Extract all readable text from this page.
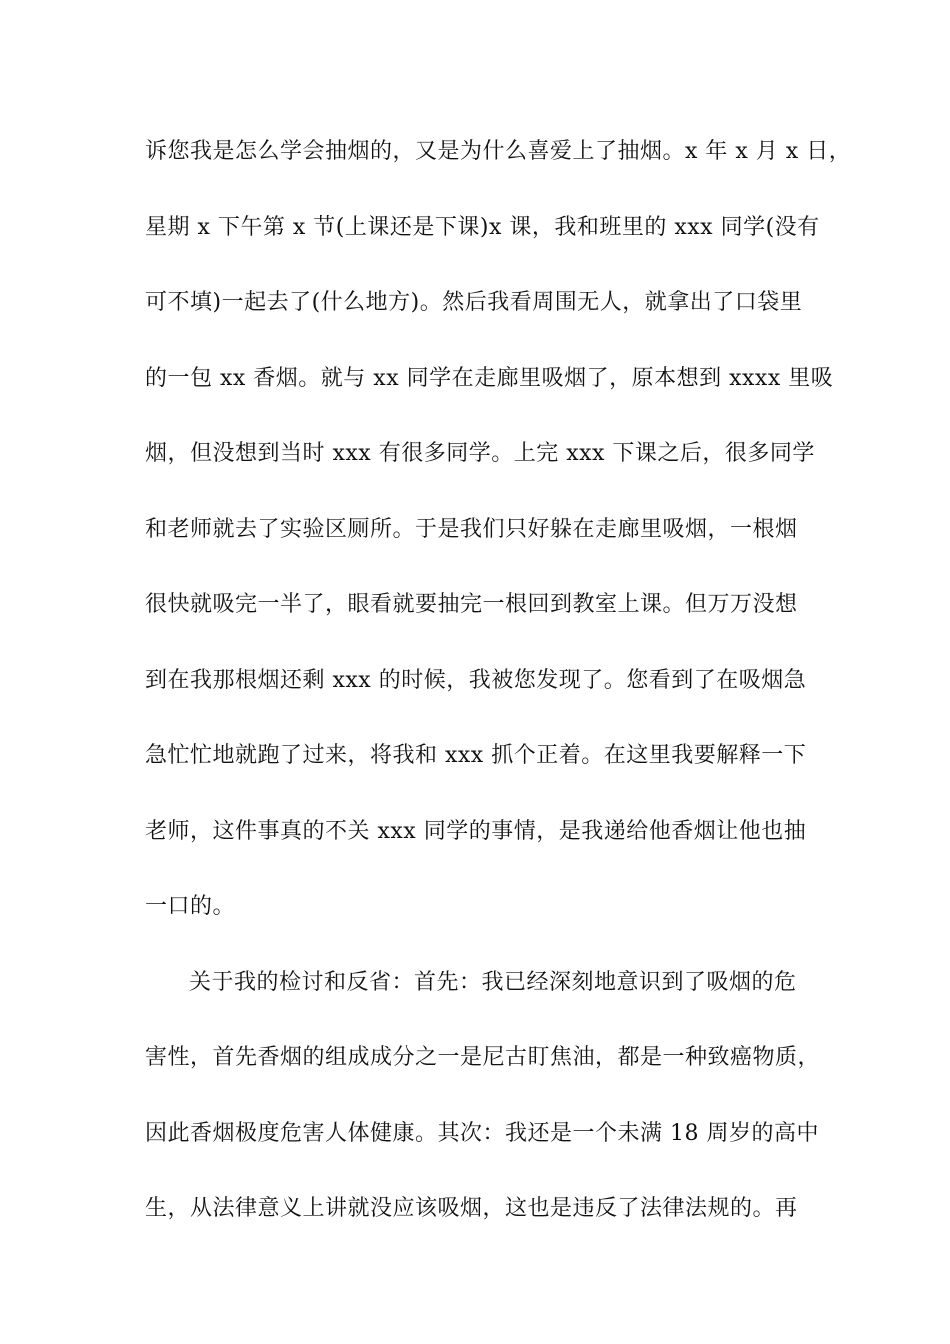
诉您我是怎么学会抽烟的，又是为什么喜爱上了抽烟。x 年 x 月 x 日，
星期 x 下午第 x 节(上课还是下课)x 课，我和班里的 xxx 同学(没有
可不填)一起去了(什么地方)。然后我看周围无人，就拿出了口袋里
的一包 xx 香烟。就与 xx 同学在走廊里吸烟了，原本想到 xxxx 里吸
烟，但没想到当时 xxx 有很多同学。上完 xxx 下课之后，很多同学
和老师就去了实验区厕所。于是我们只好躲在走廊里吸烟，一根烟
很快就吸完一半了，眼看就要抽完一根回到教室上课。但万万没想
到在我那根烟还剩 xxx 的时候，我被您发现了。您看到了在吸烟急
急忙忙地就跑了过来，将我和 xxx 抓个正着。在这里我要解释一下
老师，这件事真的不关 xxx 同学的事情，是我递给他香烟让他也抽
一口的。
关于我的检讨和反省：首先：我已经深刻地意识到了吸烟的危
害性，首先香烟的组成成分之一是尼古盯焦油，都是一种致癌物质，
因此香烟极度危害人体健康。其次：我还是一个未满 18 周岁的高中
生，从法律意义上讲就没应该吸烟，这也是违反了法律法规的。再
